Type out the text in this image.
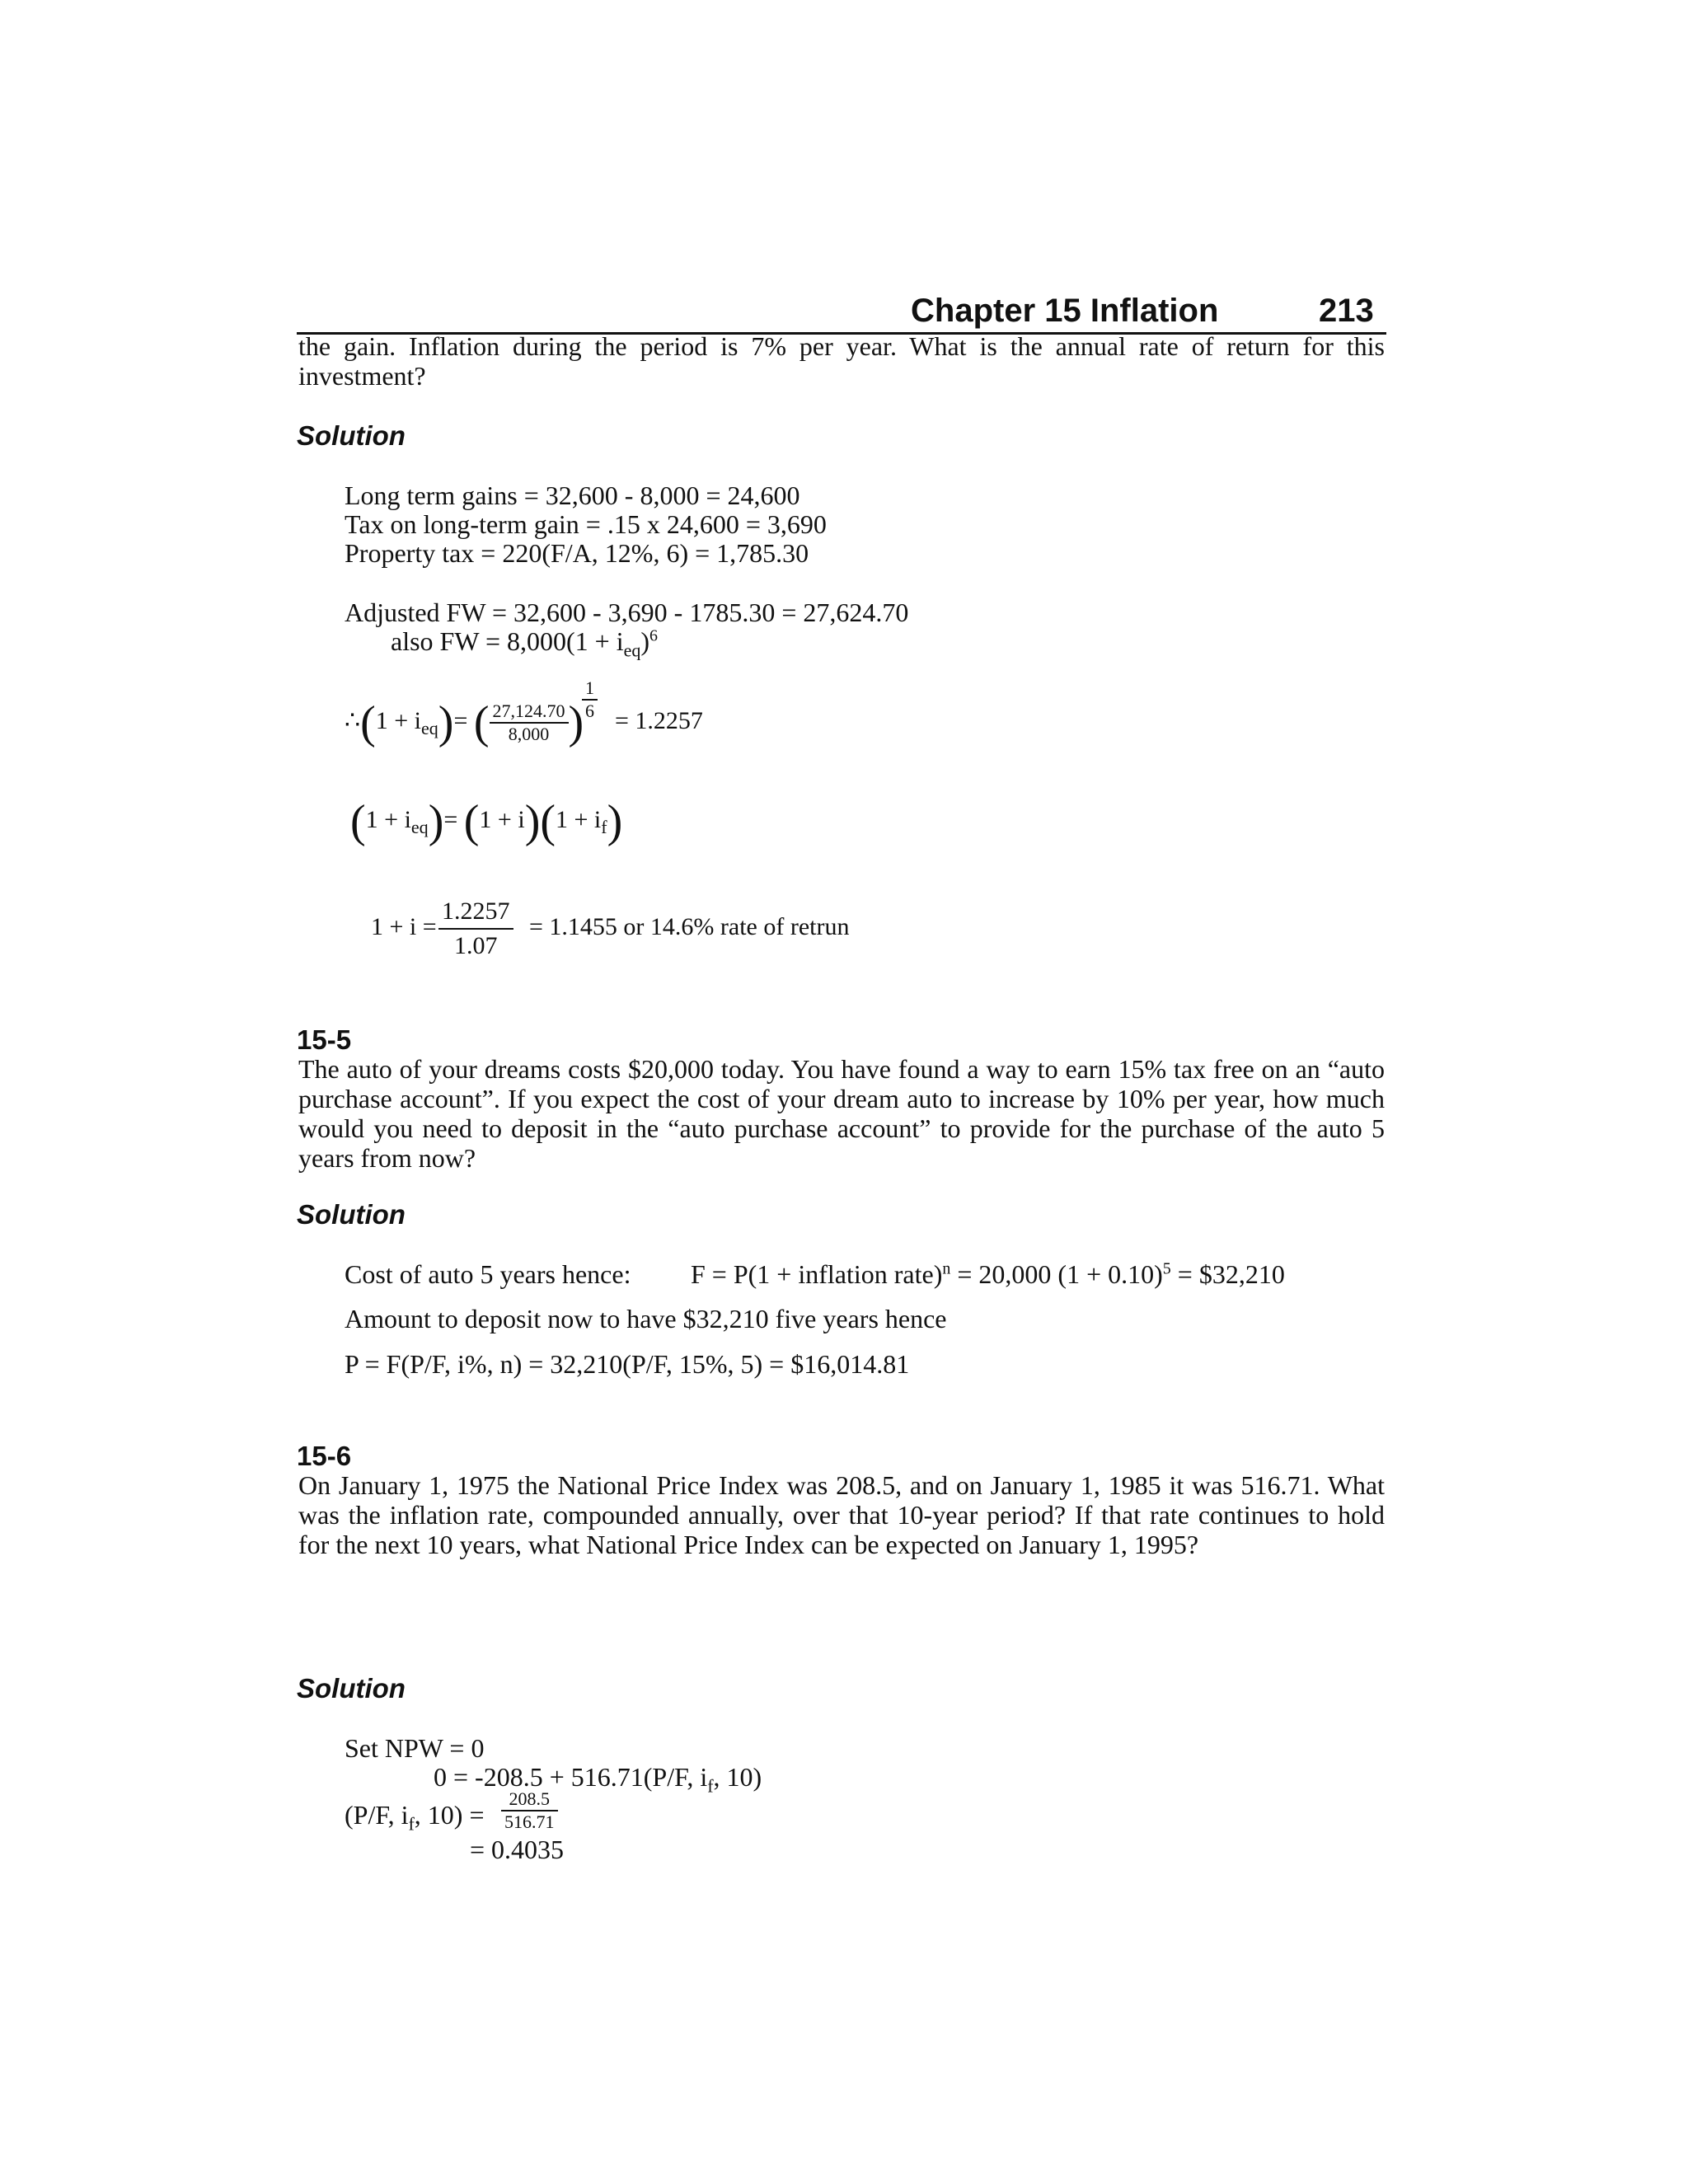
Chapter 15 Inflation	213
the gain. Inflation during the period is 7% per year. What is the annual rate of return for this investment?
Solution
Long term gains = 32,600 - 8,000 = 24,600
Tax on long-term gain = .15 x 24,600 = 3,690
Property tax = 220(F/A, 12%, 6) = 1,785.30
Adjusted FW = 32,600 - 3,690 - 1785.30 = 27,624.70
also FW = $8,000(1 + i_{eq})^6$
∴(1 + $i_{eq})=$ ( $\frac{27,124.70}{8,000}$ )
$\frac{1}{6} = 1.2257$
$(1 + i_{eq})= (1 + i)(1 + i_f)$
$1 + i = \frac{1.2257}{1.07} = 1.1455$ or 14.6% rate of retrun
15-5
The auto of your dreams costs $20,000 today. You have found a way to earn 15% tax free on an “auto purchase account”. If you expect the cost of your dream auto to increase by 10% per year, how much would you need to deposit in the “auto purchase account” to provide for the purchase of the auto 5 years from now?
Solution
Cost of auto 5 years hence: F = P(1 + inflation rate)$^n$ = 20,000 $(1 + 0.10)^5$ = $32,210
Amount to deposit now to have $32,210 five years hence
P = F(P/F, i%, n) = 32,210(P/F, 15%, 5) = $16,014.81
15-6
On January 1, 1975 the National Price Index was 208.5, and on January 1, 1985 it was 516.71. What was the inflation rate, compounded annually, over that 10-year period? If that rate continues to hold for the next 10 years, what National Price Index can be expected on January 1, 1995?
Solution
Set NPW = 0
0 = -208.5 + 516.71(P/F, $i_f$, 10)
(P/F, $i_f$, $10) = \frac{208.5}{516.71}$
= 0.4035
